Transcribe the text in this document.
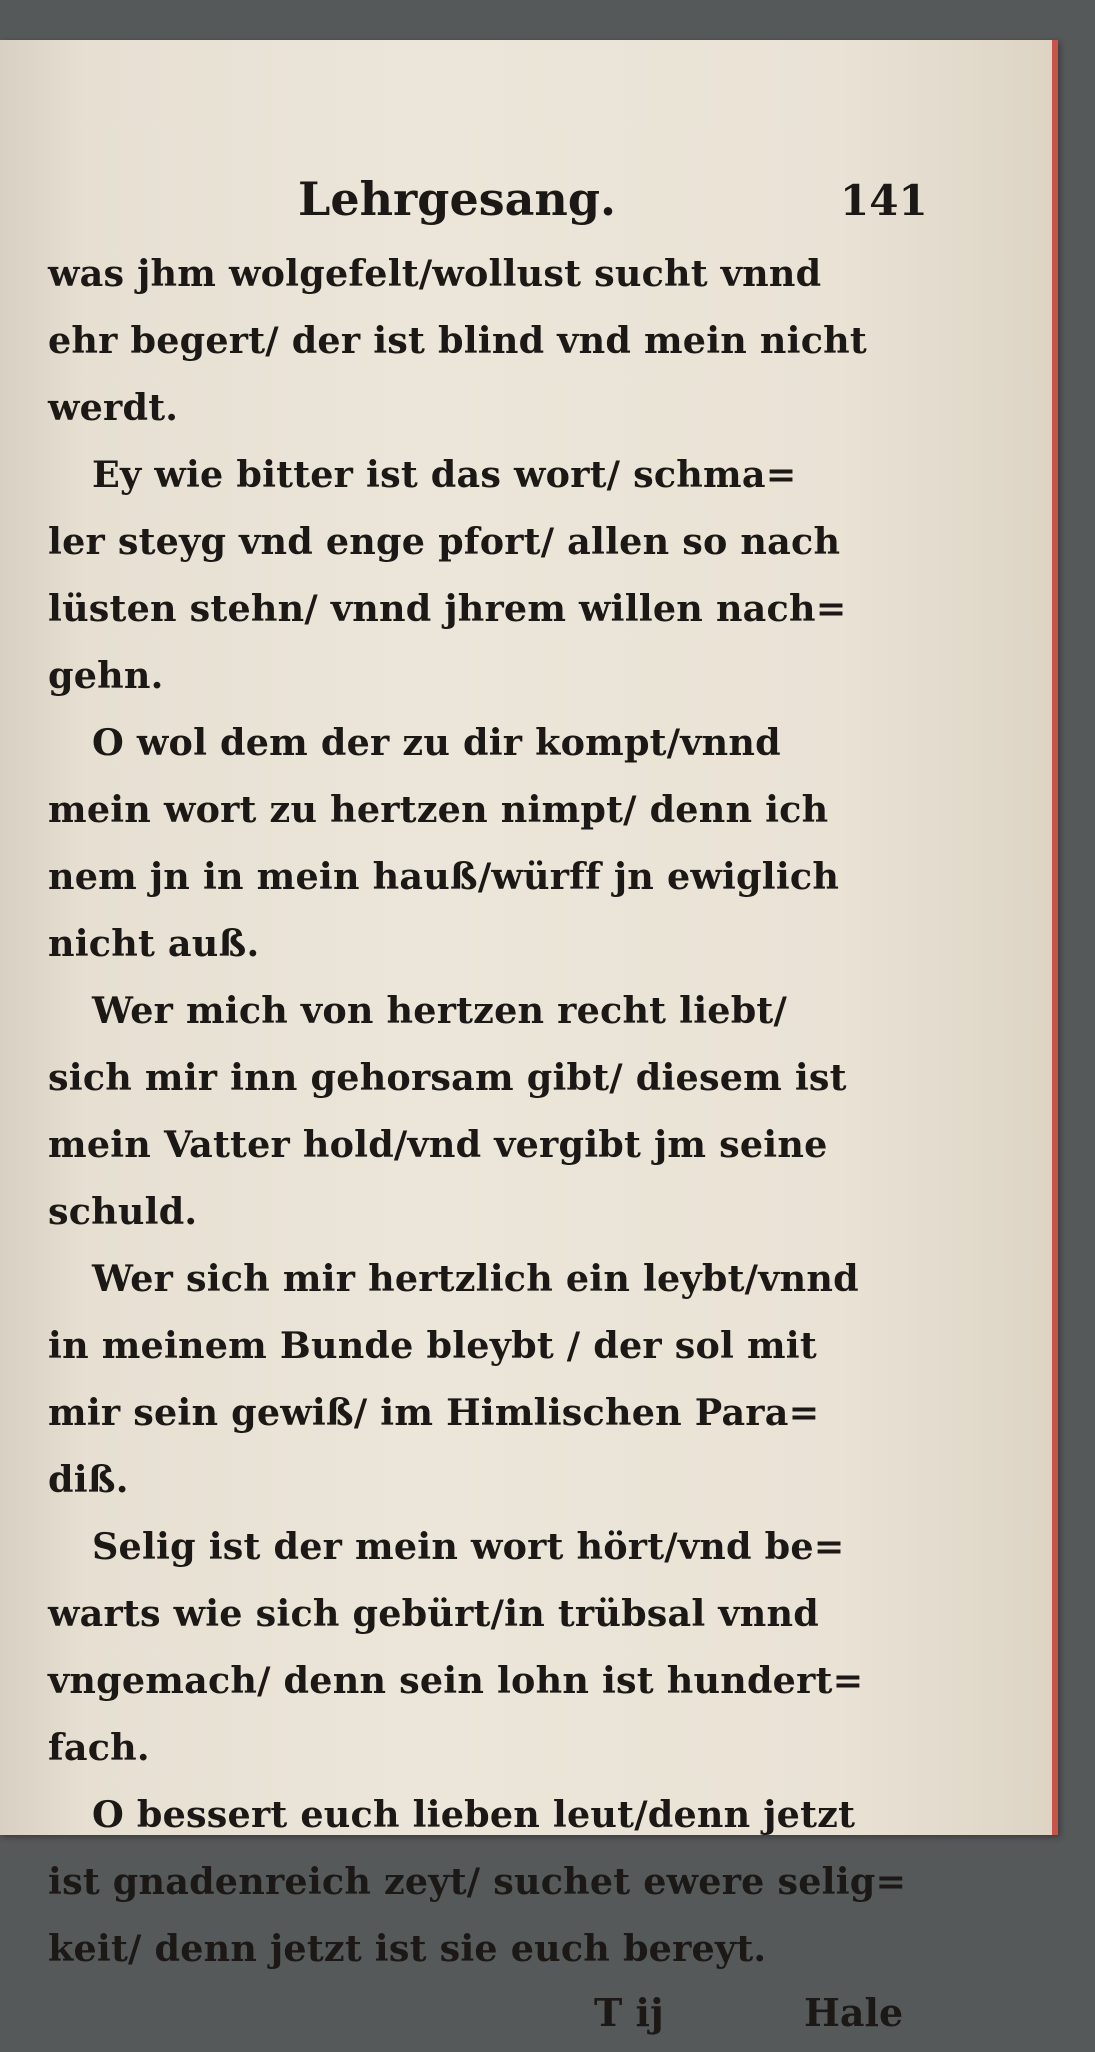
Lehrgesang.	141
was jhm wolgefelt/wollust sucht vnnd
ehr begert/ der ist blind vnd mein nicht
werdt.
Ey wie bitter ist das wort/ schma=
ler steyg vnd enge pfort/ allen so nach
lüsten stehn/ vnnd jhrem willen nach=
gehn.
O wol dem der zu dir kompt/vnnd
mein wort zu hertzen nimpt/ denn ich
nem jn in mein hauß/würff jn ewiglich
nicht auß.
Wer mich von hertzen recht liebt/
sich mir inn gehorsam gibt/ diesem ist
mein Vatter hold/vnd vergibt jm seine
schuld.
Wer sich mir hertzlich ein leybt/vnnd
in meinem Bunde bleybt / der sol mit
mir sein gewiß/ im Himlischen Para=
diß.
Selig ist der mein wort hört/vnd be=
warts wie sich gebürt/in trübsal vnnd
vngemach/ denn sein lohn ist hundert=
fach.
O bessert euch lieben leut/denn jetzt
ist gnadenreich zeyt/ suchet ewere selig=
keit/ denn jetzt ist sie euch bereyt.
T ij	Hale
